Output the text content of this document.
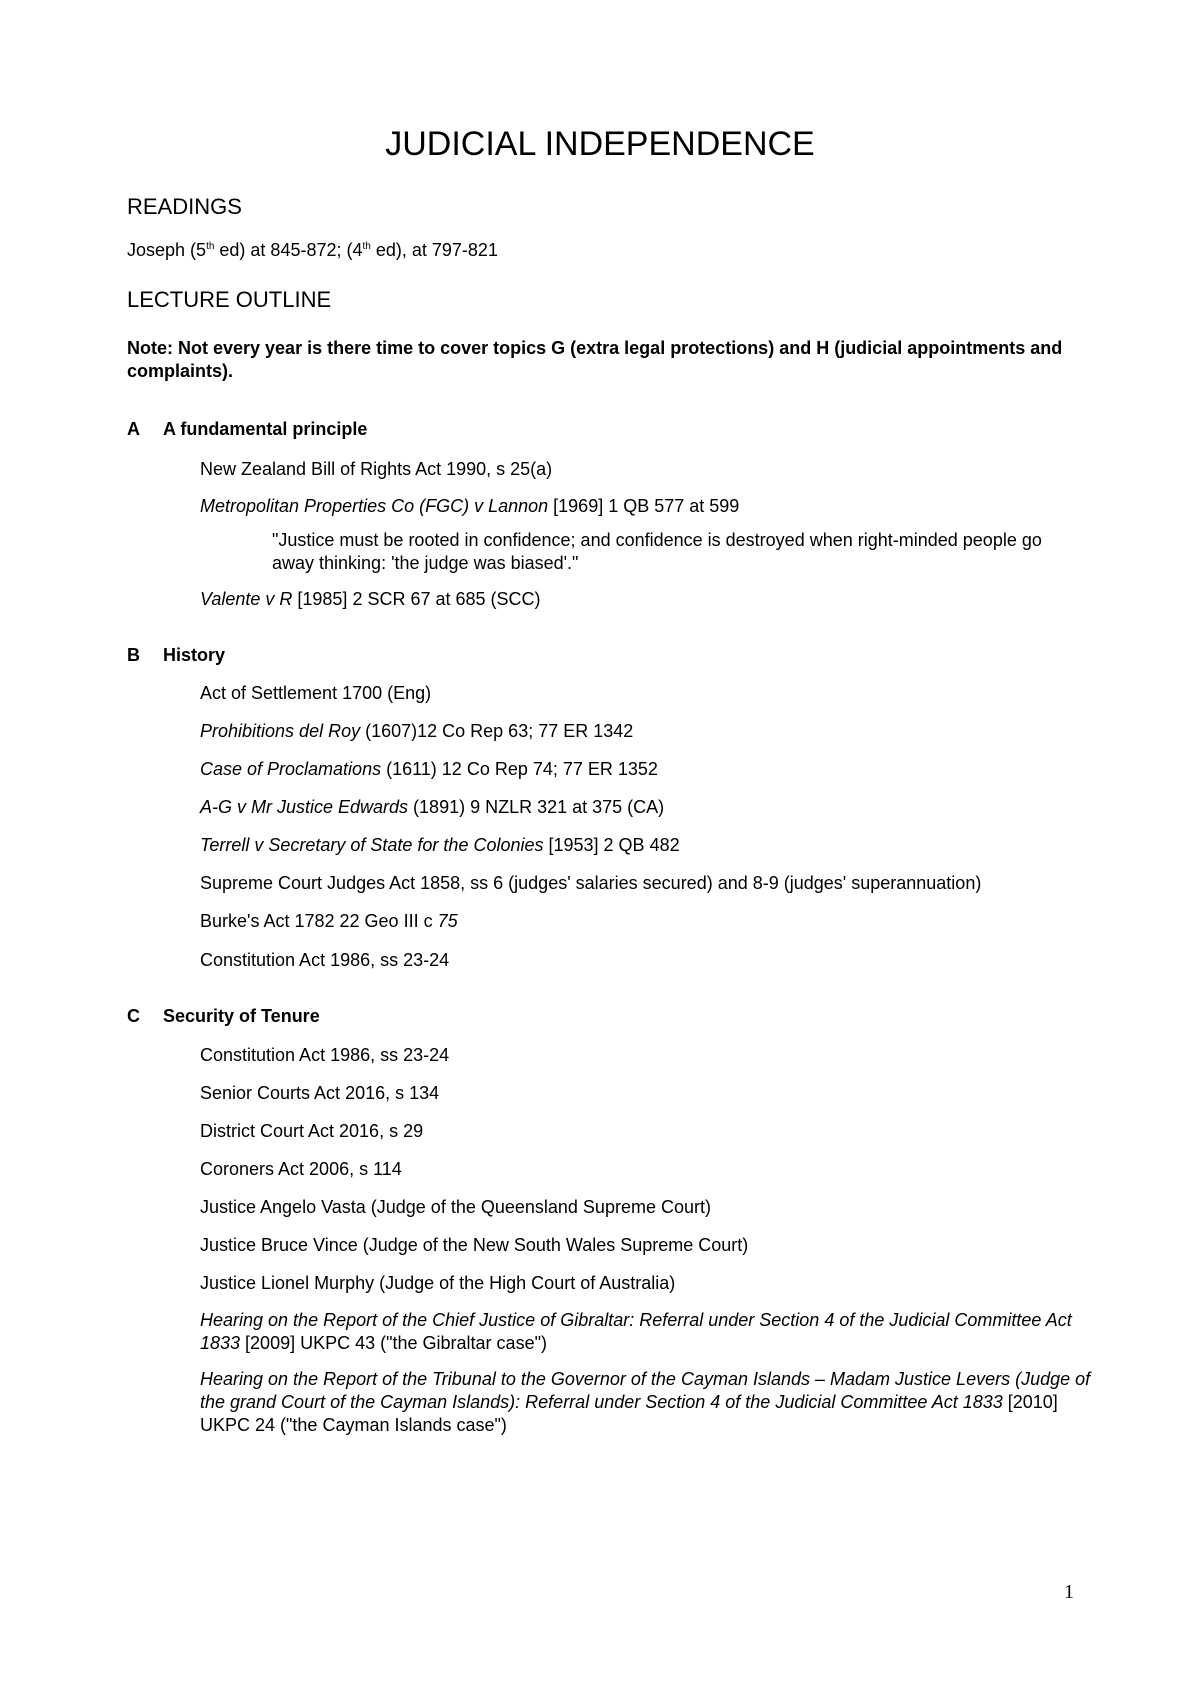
JUDICIAL INDEPENDENCE
READINGS

Joseph (5th ed) at 845-872; (4th ed), at 797-821

LECTURE OUTLINE

Note: Not every year is there time to cover topics G (extra legal protections) and H (judicial appointments and complaints).

A A fundamental principle

New Zealand Bill of Rights Act 1990, s 25(a)

Metropolitan Properties Co (FGC) v Lannon [1969] 1 QB 577 at 599

"Justice must be rooted in confidence; and confidence is destroyed when right-minded people go away thinking: 'the judge was biased'."

Valente v R [1985] 2 SCR 67 at 685 (SCC)

B History

Act of Settlement 1700 (Eng)

Prohibitions del Roy (1607)12 Co Rep 63; 77 ER 1342

Case of Proclamations (1611) 12 Co Rep 74; 77 ER 1352

A-G v Mr Justice Edwards (1891) 9 NZLR 321 at 375 (CA)

Terrell v Secretary of State for the Colonies [1953] 2 QB 482

Supreme Court Judges Act 1858, ss 6 (judges' salaries secured) and 8-9 (judges' superannuation)

Burke's Act 1782 22 Geo III c 75

Constitution Act 1986, ss 23-24

C Security of Tenure

Constitution Act 1986, ss 23-24

Senior Courts Act 2016, s 134

District Court Act 2016, s 29

Coroners Act 2006, s 114

Justice Angelo Vasta (Judge of the Queensland Supreme Court)

Justice Bruce Vince (Judge of the New South Wales Supreme Court)

Justice Lionel Murphy (Judge of the High Court of Australia)

Hearing on the Report of the Chief Justice of Gibraltar: Referral under Section 4 of the Judicial Committee Act 1833 [2009] UKPC 43 ("the Gibraltar case")

Hearing on the Report of the Tribunal to the Governor of the Cayman Islands – Madam Justice Levers (Judge of the grand Court of the Cayman Islands): Referral under Section 4 of the Judicial Committee Act 1833 [2010] UKPC 24 ("the Cayman Islands case")

1
